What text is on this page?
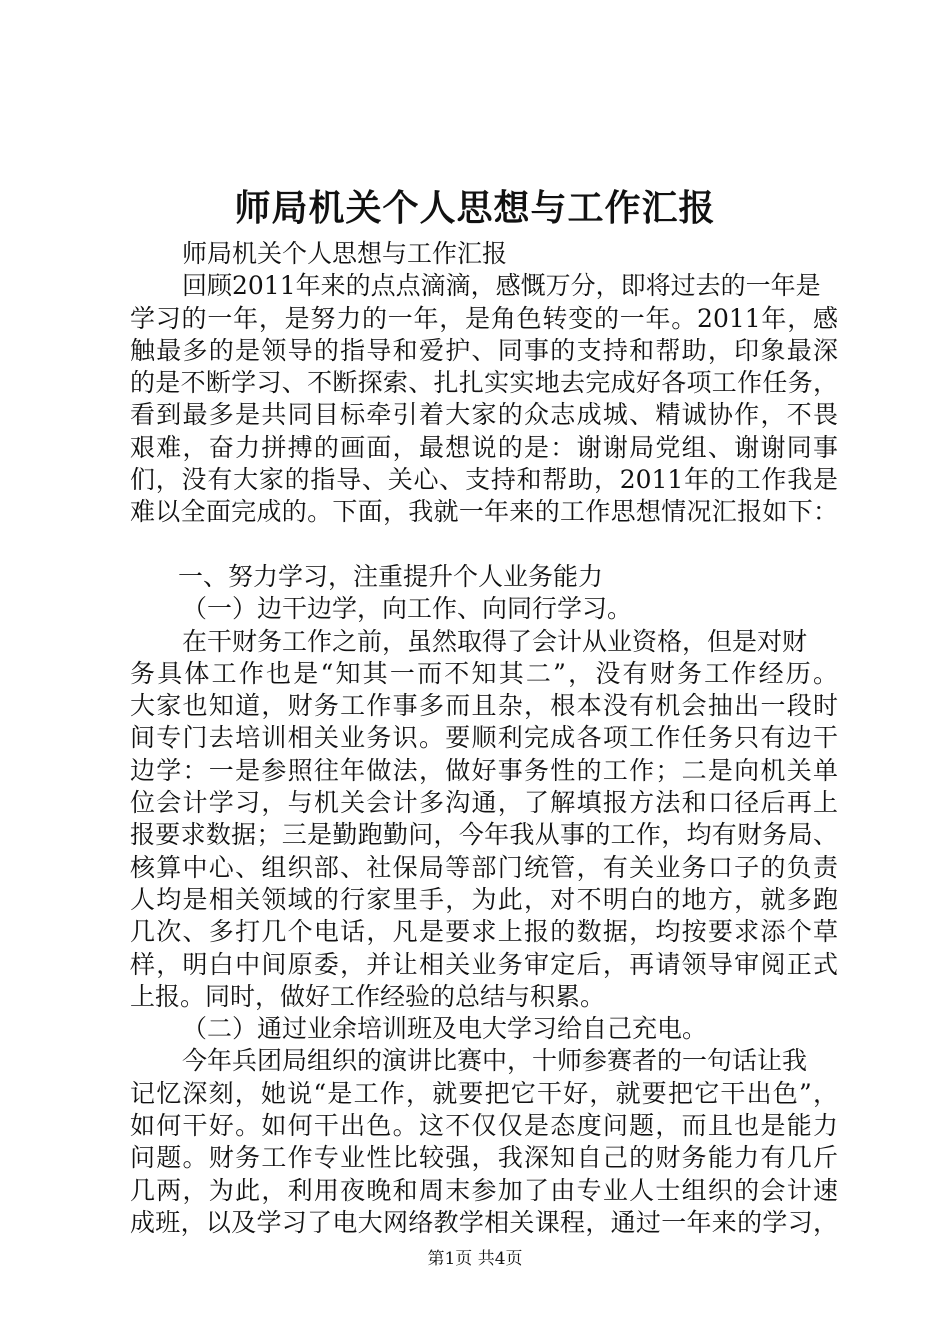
师局机关个人思想与工作汇报
师局机关个人思想与工作汇报
回顾2011年来的点点滴滴，感慨万分，即将过去的一年是
学习的一年，是努力的一年，是角色转变的一年。2011年，感
触最多的是领导的指导和爱护、同事的支持和帮助，印象最深
的是不断学习、不断探索、扎扎实实地去完成好各项工作任务，
看到最多是共同目标牵引着大家的众志成城、精诚协作，不畏
艰难，奋力拼搏的画面，最想说的是：谢谢局党组、谢谢同事
们，没有大家的指导、关心、支持和帮助，2011年的工作我是
难以全面完成的。下面，我就一年来的工作思想情况汇报如下：
一、努力学习，注重提升个人业务能力
（一）边干边学，向工作、向同行学习。
在干财务工作之前，虽然取得了会计从业资格，但是对财
务具体工作也是“知其一而不知其二”，没有财务工作经历。
大家也知道，财务工作事多而且杂，根本没有机会抽出一段时
间专门去培训相关业务识。要顺利完成各项工作任务只有边干
边学：一是参照往年做法，做好事务性的工作；二是向机关单
位会计学习，与机关会计多沟通，了解填报方法和口径后再上
报要求数据；三是勤跑勤问，今年我从事的工作，均有财务局、
核算中心、组织部、社保局等部门统管，有关业务口子的负责
人均是相关领域的行家里手，为此，对不明白的地方，就多跑
几次、多打几个电话，凡是要求上报的数据，均按要求添个草
样，明白中间原委，并让相关业务审定后，再请领导审阅正式
上报。同时，做好工作经验的总结与积累。
（二）通过业余培训班及电大学习给自己充电。
今年兵团局组织的演讲比赛中，十师参赛者的一句话让我
记忆深刻，她说“是工作，就要把它干好，就要把它干出色”，
如何干好。如何干出色。这不仅仅是态度问题，而且也是能力
问题。财务工作专业性比较强，我深知自己的财务能力有几斤
几两，为此，利用夜晚和周末参加了由专业人士组织的会计速
成班，以及学习了电大网络教学相关课程，通过一年来的学习，
第1页 共4页
